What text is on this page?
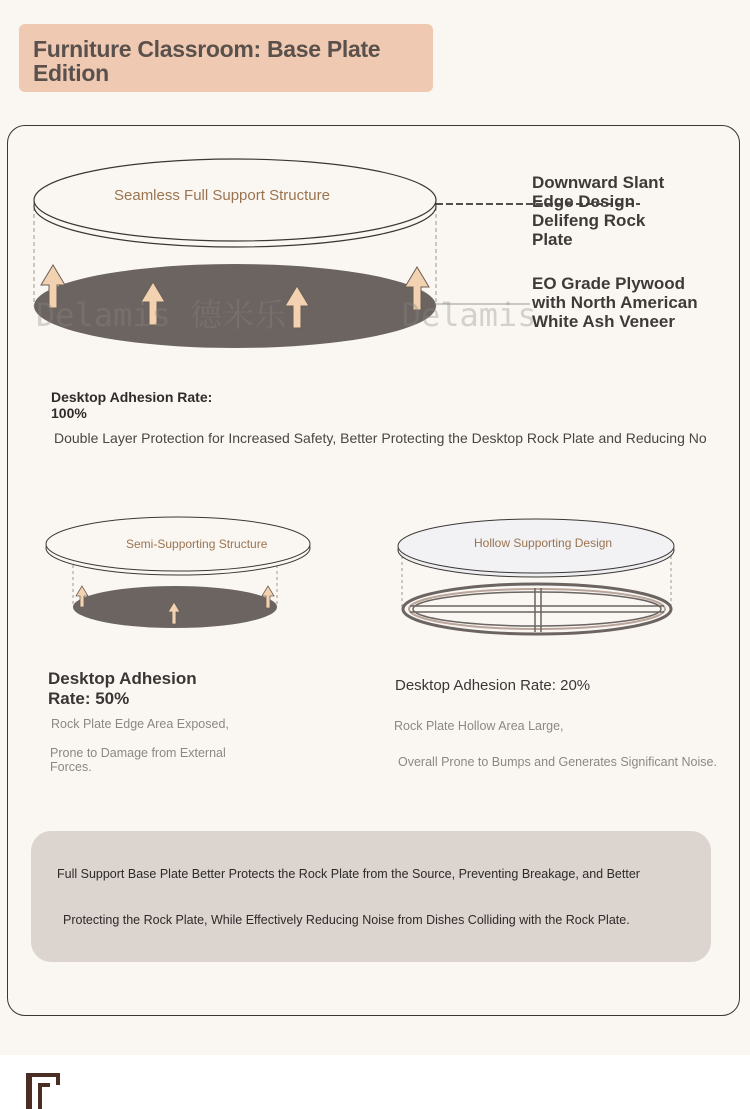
Furniture Classroom: Base Plate Edition
Seamless Full Support Structure
Delamis 德米乐      Delamis
Downward Slant Edge Design Delifeng Rock Plate
EO Grade Plywood with North American White Ash Veneer
Desktop Adhesion Rate: 100%
Double Layer Protection for Increased Safety, Better Protecting the Desktop Rock Plate and Reducing No
Semi-Supporting Structure
Desktop Adhesion Rate: 50%
Rock Plate Edge Area Exposed,
Prone to Damage from External Forces.
Hollow Supporting Design
Desktop Adhesion Rate: 20%
Rock Plate Hollow Area Large,
Overall Prone to Bumps and Generates Significant Noise.
Full Support Base Plate Better Protects the Rock Plate from the Source, Preventing Breakage, and Better
Protecting the Rock Plate, While Effectively Reducing Noise from Dishes Colliding with the Rock Plate.
